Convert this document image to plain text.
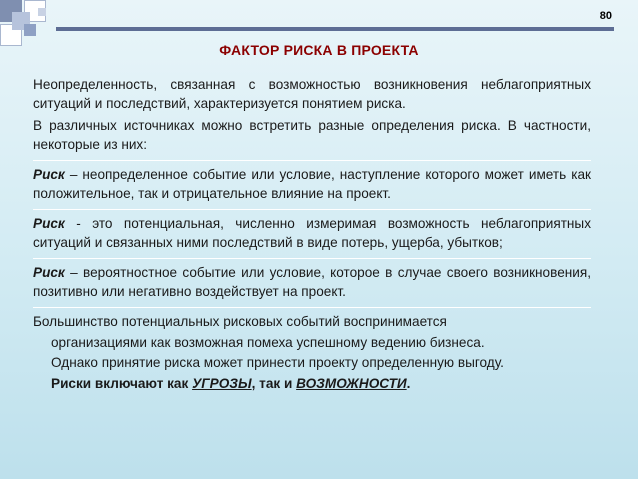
80
ФАКТОР РИСКА В ПРОЕКТА
Неопределенность, связанная с возможностью возникновения неблагоприятных ситуаций и последствий, характеризуется понятием риска.
В различных источниках можно встретить разные определения риска. В частности, некоторые из них:
Риск – неопределенное событие или условие, наступление которого может иметь как положительное, так и отрицательное влияние на проект.
Риск - это потенциальная, численно измеримая возможность неблагоприятных ситуаций и связанных ними последствий в виде потерь, ущерба, убытков;
Риск – вероятностное событие или условие, которое в случае своего возникновения, позитивно или негативно воздействует на проект.
Большинство потенциальных рисковых событий воспринимается
организациями как возможная помеха успешному ведению бизнеса.
Однако принятие риска может принести проекту определенную выгоду.
Риски включают как УГРОЗЫ, так и ВОЗМОЖНОСТИ.
